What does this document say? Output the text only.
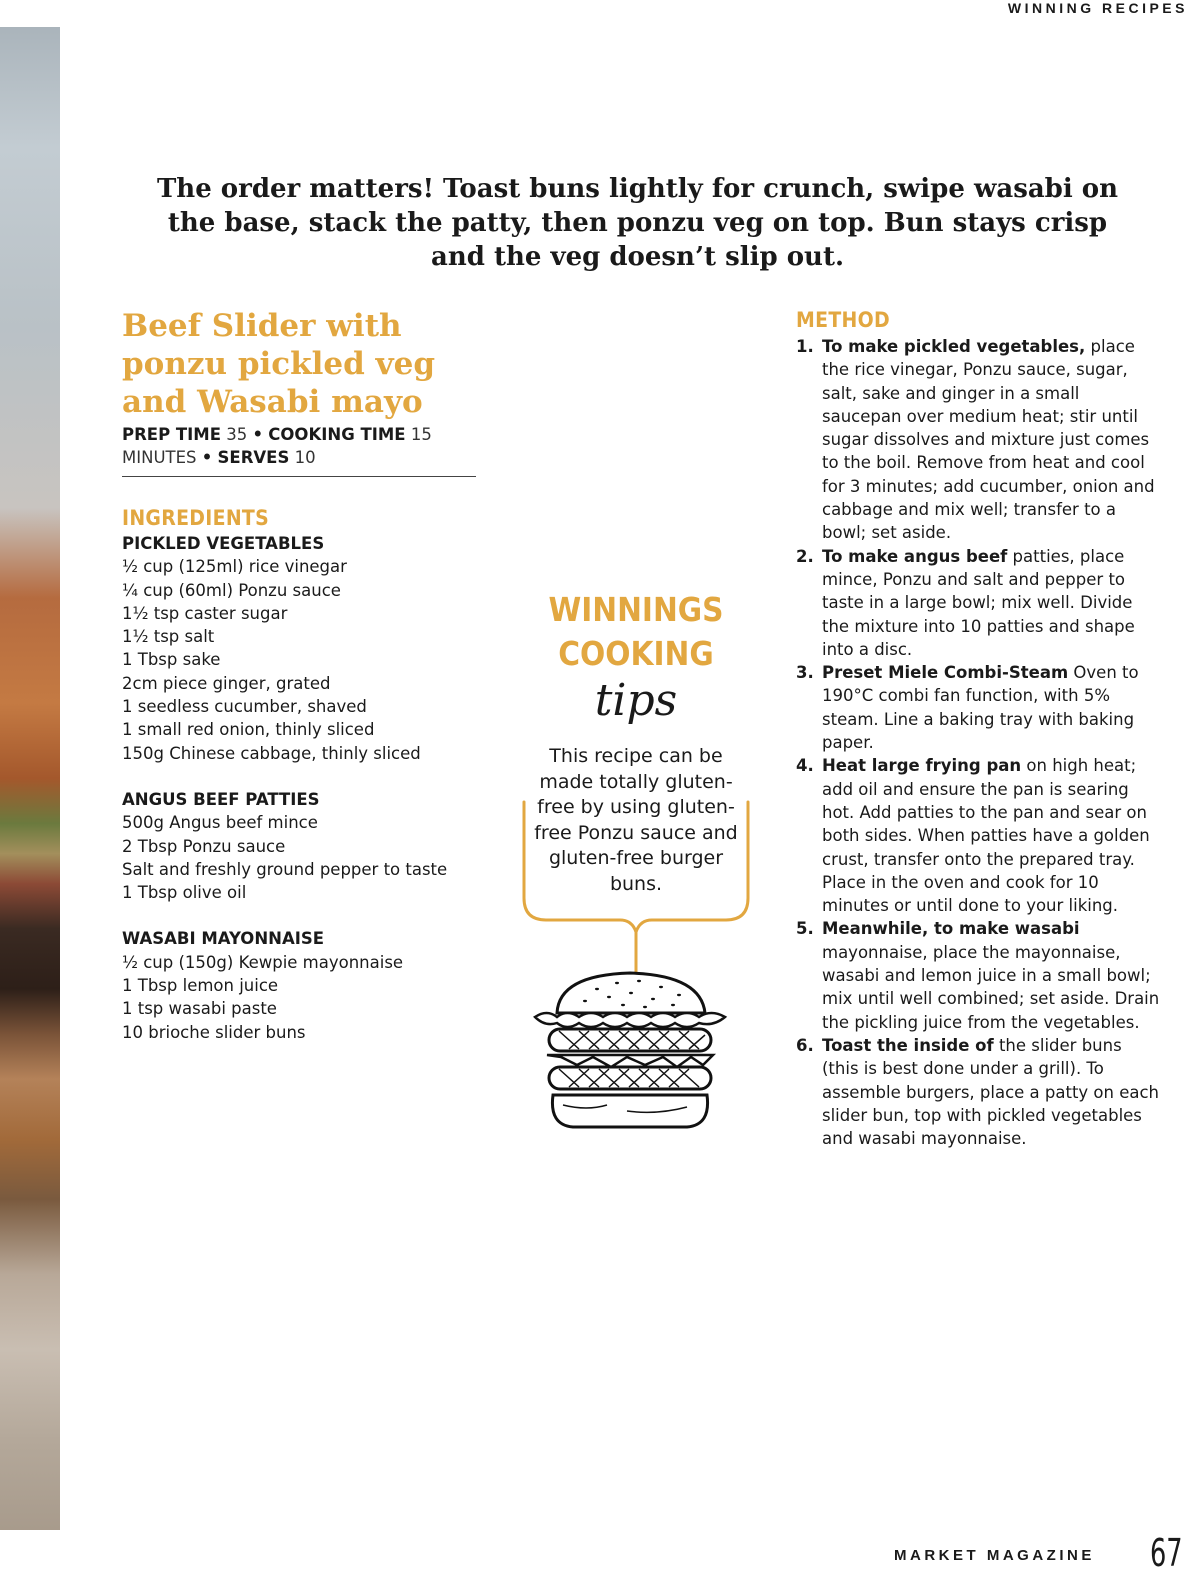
WINNING RECIPES
The order matters! Toast buns lightly for crunch, swipe wasabi on the base, stack the patty, then ponzu veg on top. Bun stays crisp and the veg doesn’t slip out.
Beef Slider with
ponzu pickled veg
and Wasabi mayo
PREP TIME 35 • COOKING TIME 15
MINUTES • SERVES 10
INGREDIENTS
PICKLED VEGETABLES
½ cup (125ml) rice vinegar
¼ cup (60ml) Ponzu sauce
1½ tsp caster sugar
1½ tsp salt
1 Tbsp sake
2cm piece ginger, grated
1 seedless cucumber, shaved
1 small red onion, thinly sliced
150g Chinese cabbage, thinly sliced
ANGUS BEEF PATTIES
500g Angus beef mince
2 Tbsp Ponzu sauce
Salt and freshly ground pepper to taste
1 Tbsp olive oil
WASABI MAYONNAISE
½ cup (150g) Kewpie mayonnaise
1 Tbsp lemon juice
1 tsp wasabi paste
10 brioche slider buns
WINNINGS
COOKING
tips
This recipe can be made totally gluten-free by using gluten-free Ponzu sauce and gluten-free burger buns.
METHOD
1. To make pickled vegetables, place the rice vinegar, Ponzu sauce, sugar, salt, sake and ginger in a small saucepan over medium heat; stir until sugar dissolves and mixture just comes to the boil. Remove from heat and cool for 3 minutes; add cucumber, onion and cabbage and mix well; transfer to a bowl; set aside.
2. To make angus beef patties, place mince, Ponzu and salt and pepper to taste in a large bowl; mix well. Divide the mixture into 10 patties and shape into a disc.
3. Preset Miele Combi-Steam Oven to 190°C combi fan function, with 5% steam. Line a baking tray with baking paper.
4. Heat large frying pan on high heat; add oil and ensure the pan is searing hot. Add patties to the pan and sear on both sides. When patties have a golden crust, transfer onto the prepared tray. Place in the oven and cook for 10 minutes or until done to your liking.
5. Meanwhile, to make wasabi mayonnaise, place the mayonnaise, wasabi and lemon juice in a small bowl; mix until well combined; set aside. Drain the pickling juice from the vegetables.
6. Toast the inside of the slider buns (this is best done under a grill). To assemble burgers, place a patty on each slider bun, top with pickled vegetables and wasabi mayonnaise.
MARKET MAGAZINE 67
